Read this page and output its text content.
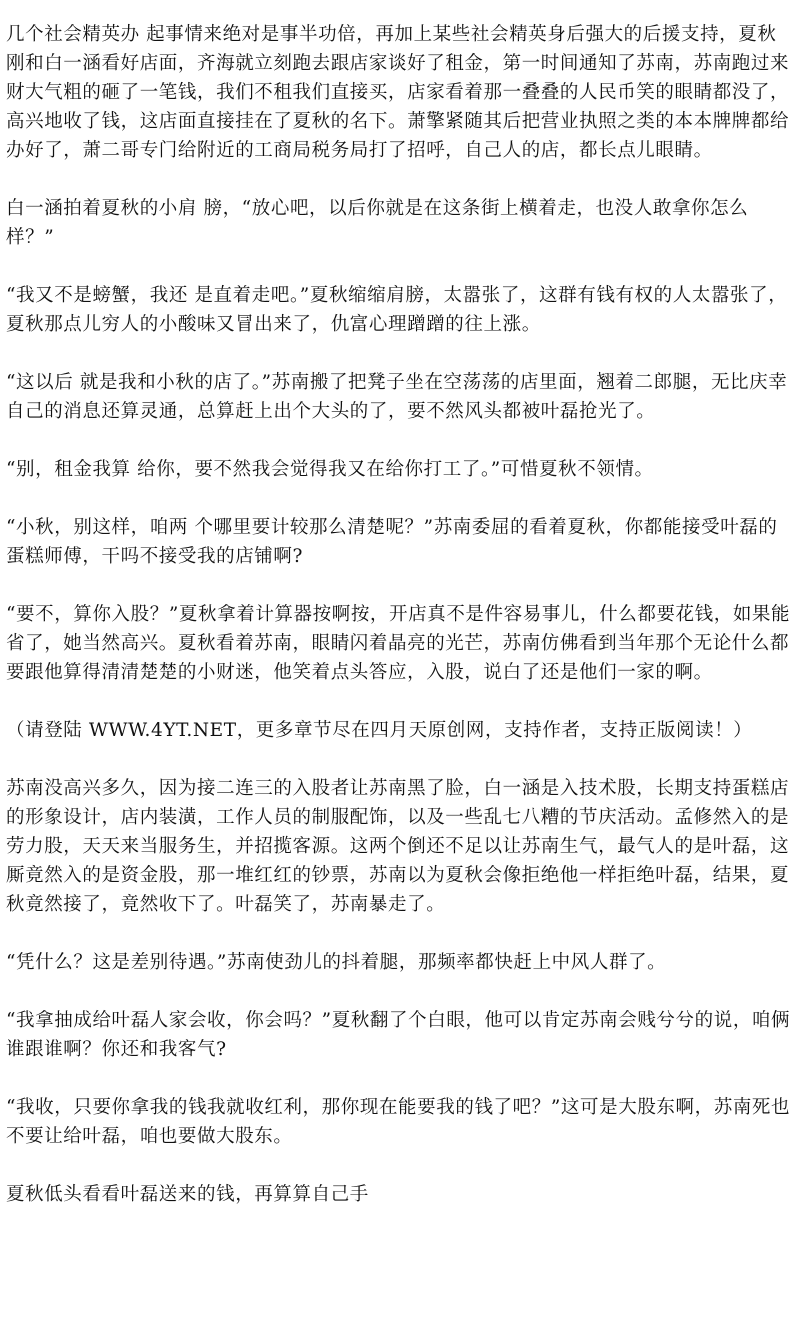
几个社会精英办 起事情来绝对是事半功倍，再加上某些社会精英身后强大的后援支持，夏秋刚和白一涵看好店面，齐海就立刻跑去跟店家谈好了租金，第一时间通知了苏南，苏南跑过来财大气粗的砸了一笔钱，我们不租我们直接买，店家看着那一叠叠的人民币笑的眼睛都没了，高兴地收了钱，这店面直接挂在了夏秋的名下。萧擎紧随其后把营业执照之类的本本牌牌都给办好了，萧二哥专门给附近的工商局税务局打了招呼，自己人的店，都长点儿眼睛。

白一涵拍着夏秋的小肩 膀，“放心吧，以后你就是在这条街上横着走，也没人敢拿你怎么样？”

“我又不是螃蟹，我还 是直着走吧。”夏秋缩缩肩膀，太嚣张了，这群有钱有权的人太嚣张了，夏秋那点儿穷人的小酸味又冒出来了，仇富心理蹭蹭的往上涨。

“这以后 就是我和小秋的店了。”苏南搬了把凳子坐在空荡荡的店里面，翘着二郎腿，无比庆幸自己的消息还算灵通，总算赶上出个大头的了，要不然风头都被叶磊抢光了。

“别，租金我算 给你，要不然我会觉得我又在给你打工了。”可惜夏秋不领情。

“小秋，别这样，咱两 个哪里要计较那么清楚呢？”苏南委屈的看着夏秋，你都能接受叶磊的蛋糕师傅，干吗不接受我的店铺啊?

“要不，算你入股？”夏秋拿着计算器按啊按，开店真不是件容易事儿，什么都要花钱，如果能省了，她当然高兴。夏秋看着苏南，眼睛闪着晶亮的光芒，苏南仿佛看到当年那个无论什么都要跟他算得清清楚楚的小财迷，他笑着点头答应，入股，说白了还是他们一家的啊。

（请登陆 WWW.4YT.NET，更多章节尽在四月天原创网，支持作者，支持正版阅读！）

苏南没高兴多久，因为接二连三的入股者让苏南黑了脸，白一涵是入技术股，长期支持蛋糕店的形象设计，店内装潢，工作人员的制服配饰，以及一些乱七八糟的节庆活动。孟修然入的是劳力股，天天来当服务生，并招揽客源。这两个倒还不足以让苏南生气，最气人的是叶磊，这厮竟然入的是资金股，那一堆红红的钞票，苏南以为夏秋会像拒绝他一样拒绝叶磊，结果，夏秋竟然接了，竟然收下了。叶磊笑了，苏南暴走了。

“凭什么？这是差别待遇。”苏南使劲儿的抖着腿，那频率都快赶上中风人群了。

“我拿抽成给叶磊人家会收，你会吗？”夏秋翻了个白眼，他可以肯定苏南会贱兮兮的说，咱俩谁跟谁啊？你还和我客气?

“我收，只要你拿我的钱我就收红利，那你现在能要我的钱了吧？”这可是大股东啊，苏南死也不要让给叶磊，咱也要做大股东。

夏秋低头看看叶磊送来的钱，再算算自己手
